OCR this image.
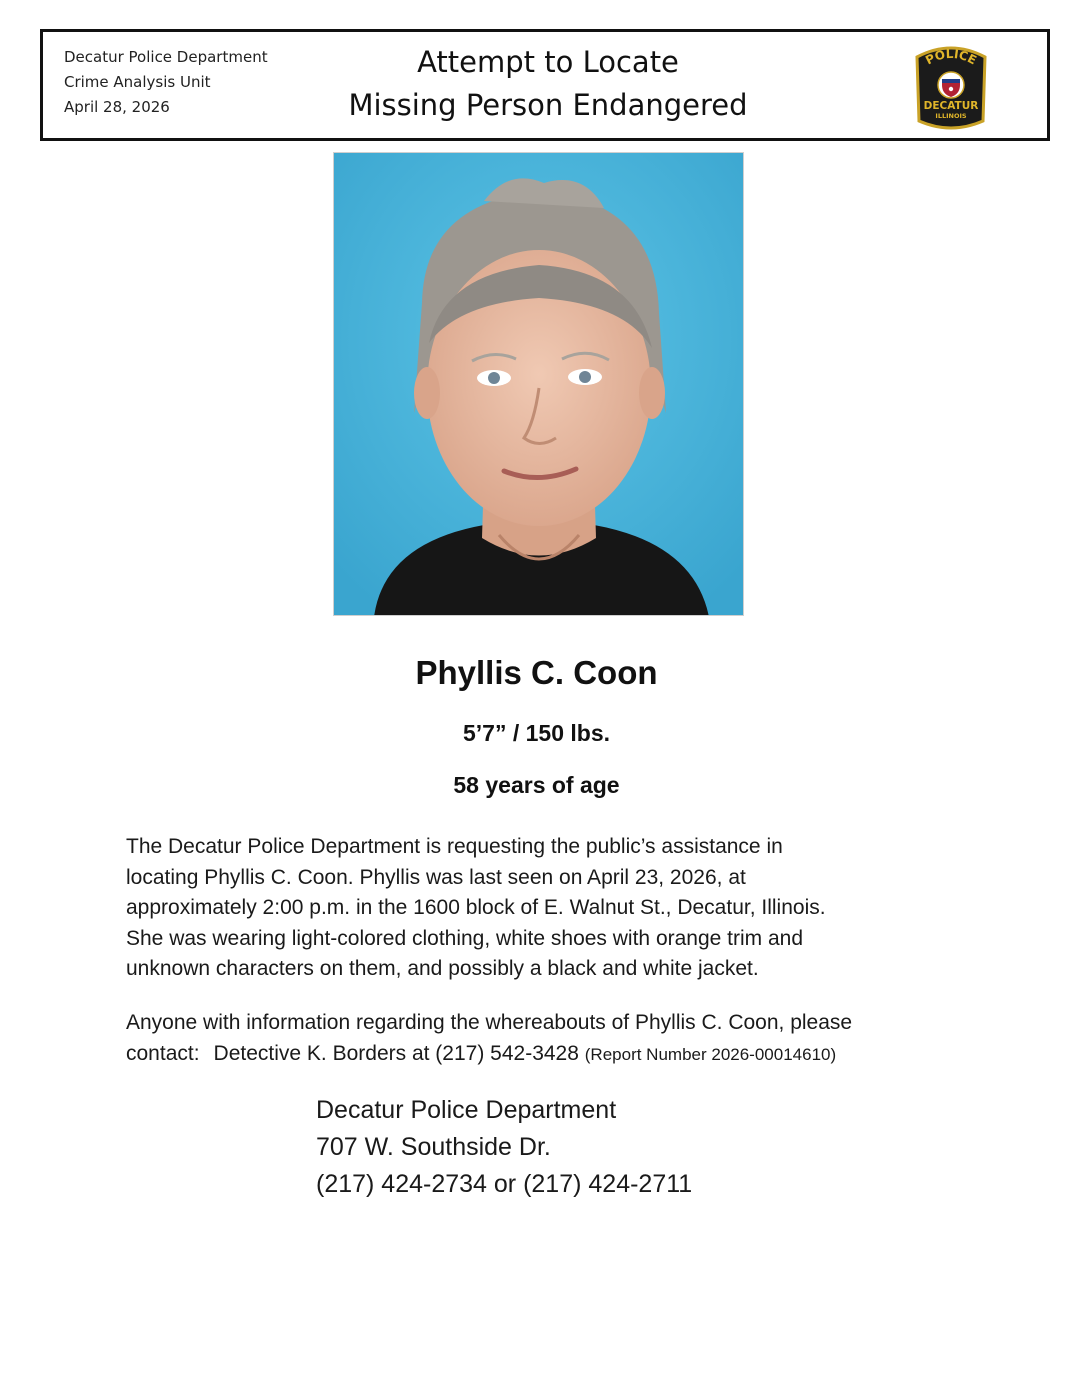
Decatur Police Department
Crime Analysis Unit
April 28, 2026
Attempt to Locate
Missing Person Endangered
POLICE
DECATUR
ILLINOIS
Phyllis C. Coon
5’7” / 150 lbs.
58 years of age
The Decatur Police Department is requesting the public’s assistance in
locating Phyllis C. Coon. Phyllis was last seen on April 23, 2026, at
approximately 2:00 p.m. in the 1600 block of E. Walnut St., Decatur, Illinois.
She was wearing light-colored clothing, white shoes with orange trim and
unknown characters on them, and possibly a black and white jacket.
Anyone with information regarding the whereabouts of Phyllis C. Coon, please
contact: Detective K. Borders at (217) 542-3428 (Report Number 2026-00014610)
Decatur Police Department
707 W. Southside Dr.
(217) 424-2734 or (217) 424-2711
